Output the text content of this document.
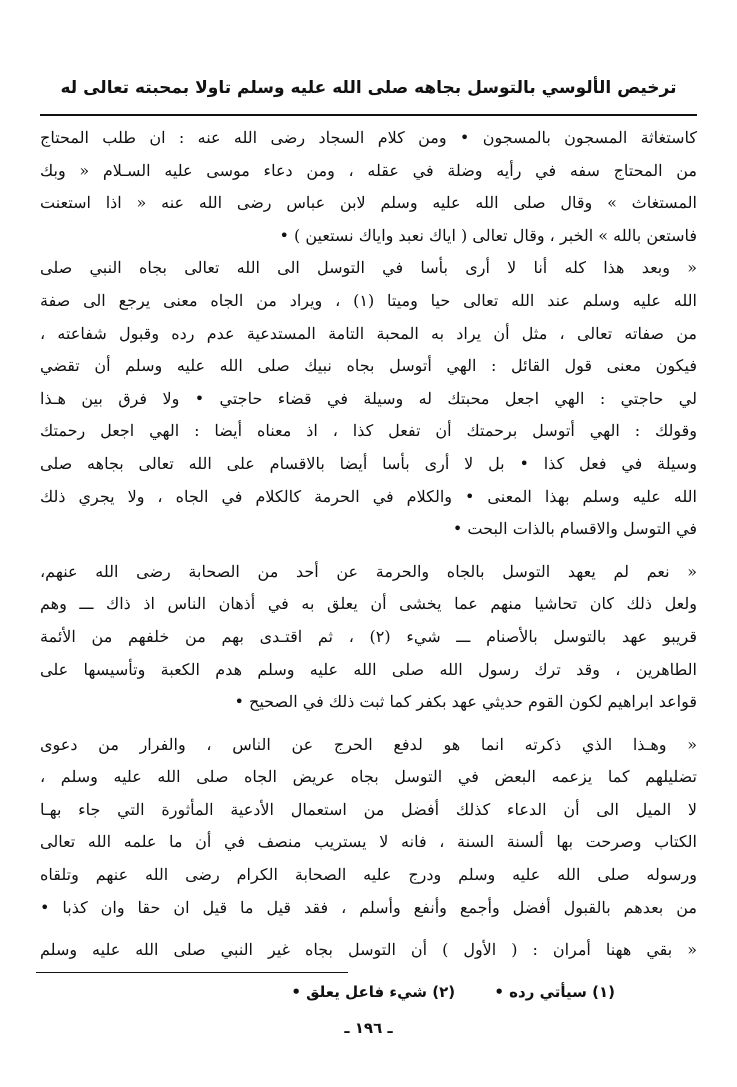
ترخيص الألوسي بالتوسل بجاهه صلى الله عليه وسلم تاولا بمحبته تعالى له
كاستغاثة المسجون بالمسجون • ومن كلام السجاد رضى الله عنه : ان طلب المحتاج
من المحتاج سفه في رأيه وضلة في عقله ، ومن دعاء موسى عليه السـلام « وبك
المستغاث » وقال صلى الله عليه وسلم لابن عباس رضى الله عنه « اذا استعنت
فاستعن بالله » الخبر ، وقال تعالى ( اياك نعبد واياك نستعين ) •
« وبعد هذا كله أنا لا أرى بأسا في التوسل الى الله تعالى بجاه النبي صلى
الله عليه وسلم عند الله تعالى حيا وميتا (١) ، ويراد من الجاه معنى يرجع الى صفة
من صفاته تعالى ، مثل أن يراد به المحبة التامة المستدعية عدم رده وقبول شفاعته ،
فيكون معنى قول القائل : الهي أتوسل بجاه نبيك صلى الله عليه وسلم أن تقضي
لي حاجتي : الهي اجعل محبتك له وسيلة في قضاء حاجتي • ولا فرق بين هـذا
وقولك : الهي أتوسل برحمتك أن تفعل كذا ، اذ معناه أيضا : الهي اجعل رحمتك
وسيلة في فعل كذا • بل لا أرى بأسا أيضا بالاقسام على الله تعالى بجاهه صلى
الله عليه وسلم بهذا المعنى • والكلام في الحرمة كالكلام في الجاه ، ولا يجري ذلك
في التوسل والاقسام بالذات البحت •
« نعم لم يعهد التوسل بالجاه والحرمة عن أحد من الصحابة رضى الله عنهم،
ولعل ذلك كان تحاشيا منهم عما يخشى أن يعلق به في أذهان الناس اذ ذاك ـــ وهم
قريبو عهد بالتوسل بالأصنام ـــ شيء (٢) ، ثم اقتـدى بهم من خلفهم من الأئمة
الطاهرين ، وقد ترك رسول الله صلى الله عليه وسلم هدم الكعبة وتأسيسها على
قواعد ابراهيم لكون القوم حديثي عهد بكفر كما ثبت ذلك في الصحيح •
« وهـذا الذي ذكرته انما هو لدفع الحرج عن الناس ، والفرار من دعوى
تضليلهم كما يزعمه البعض في التوسل بجاه عريض الجاه صلى الله عليه وسلم ،
لا الميل الى أن الدعاء كذلك أفضل من استعمال الأدعية المأثورة التي جاء بهـا
الكتاب وصرحت بها ألسنة السنة ، فانه لا يستريب منصف في أن ما علمه الله تعالى
ورسوله صلى الله عليه وسلم ودرج عليه الصحابة الكرام رضى الله عنهم وتلقاه
من بعدهم بالقبول أفضل وأجمع وأنفع وأسلم ، فقد قيل ما قيل ان حقا وان كذبا •
« بقي ههنا أمران : ( الأول ) أن التوسل بجاه غير النبي صلى الله عليه وسلم
(١) سيأتي رده • (٢) شيء فاعل يعلق •
ـ ١٩٦ ـ
